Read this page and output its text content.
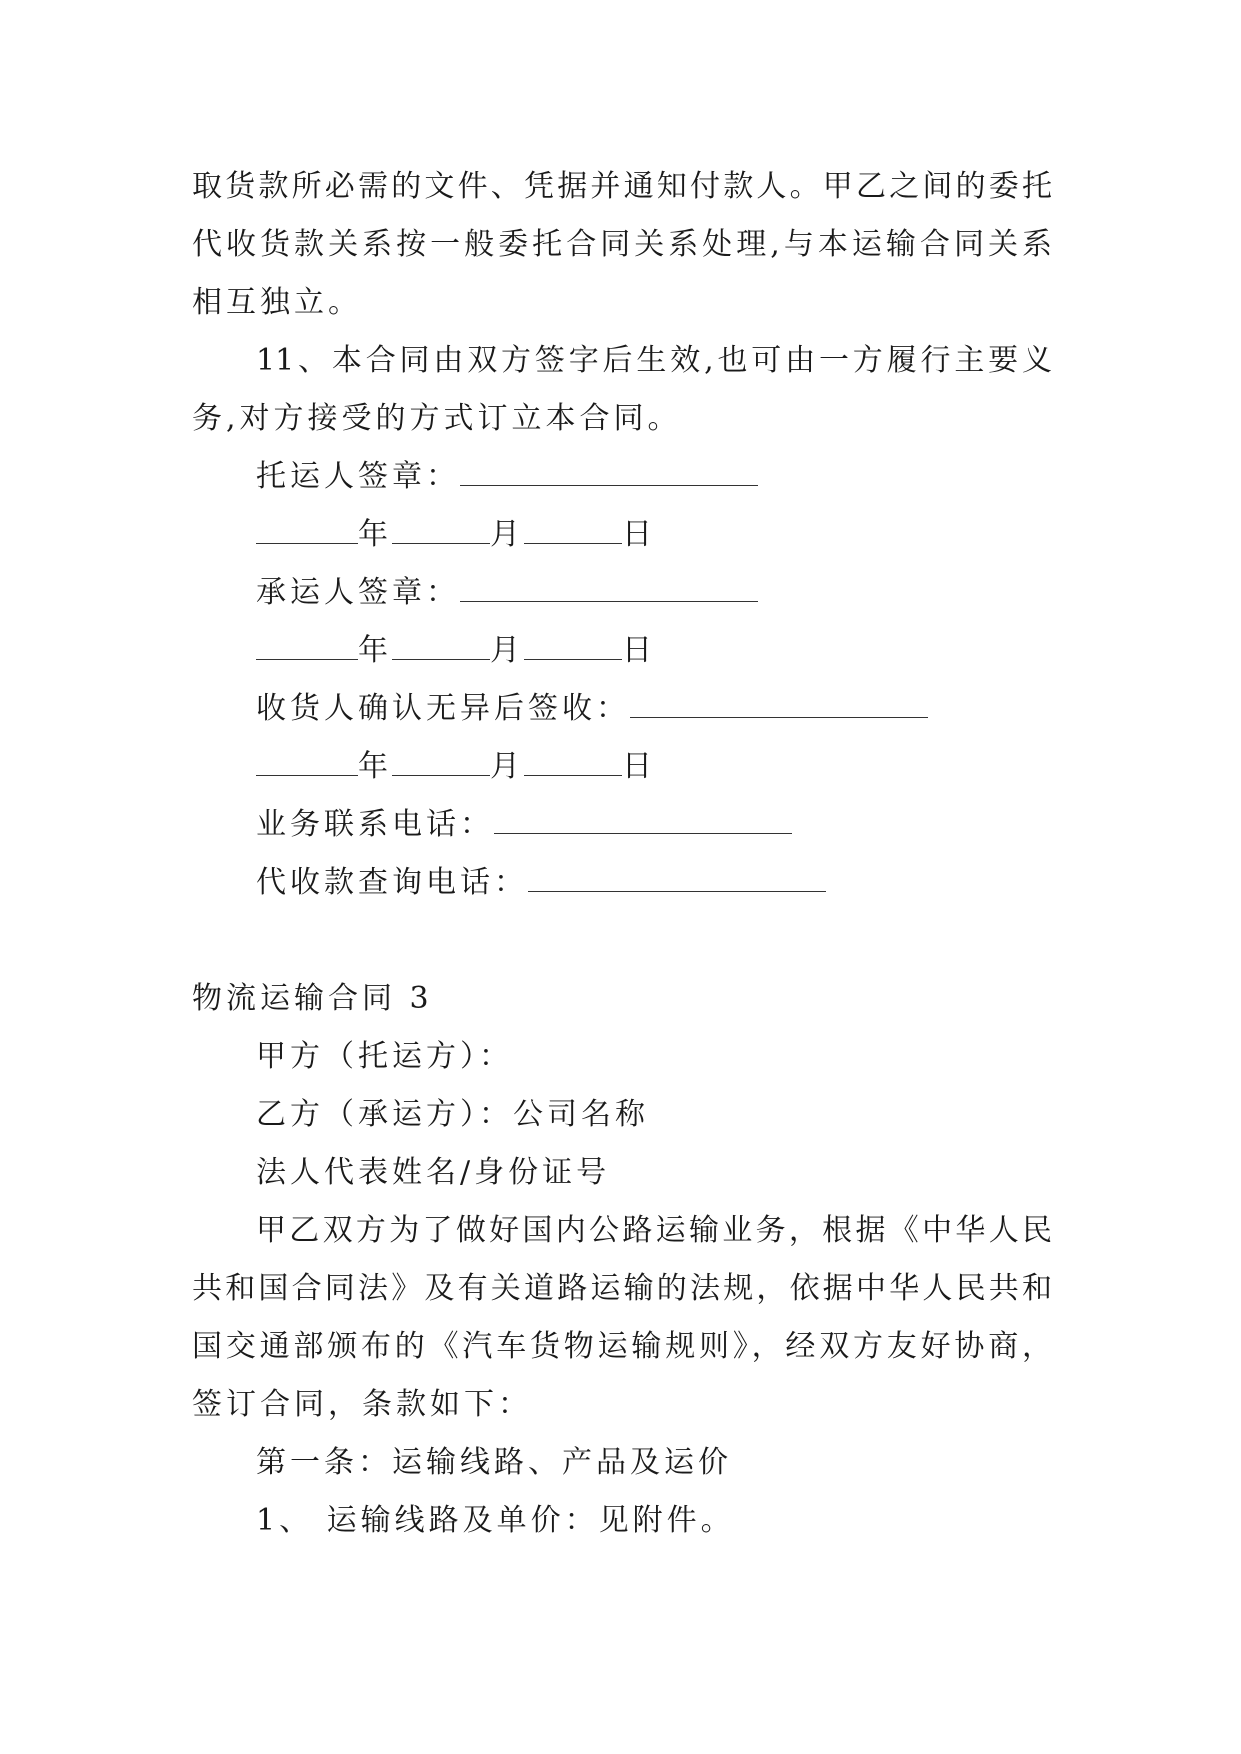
取货款所必需的文件、凭据并通知付款人。甲乙之间的委托
代收货款关系按一般委托合同关系处理,与本运输合同关系
相互独立。
11、本合同由双方签字后生效,也可由一方履行主要义
务,对方接受的方式订立本合同。
托运人签章：
年	月	日
承运人签章：
年	月	日
收货人确认无异后签收：
年	月	日
业务联系电话：
代收款查询电话：
物流运输合同 3
甲方（托运方）：
乙方（承运方）：公司名称
法人代表姓名/身份证号
甲乙双方为了做好国内公路运输业务，根据《中华人民
共和国合同法》及有关道路运输的法规，依据中华人民共和
国交通部颁布的《汽车货物运输规则》，经双方友好协商，
签订合同，条款如下：
第一条：运输线路、产品及运价
1、 运输线路及单价：见附件。
